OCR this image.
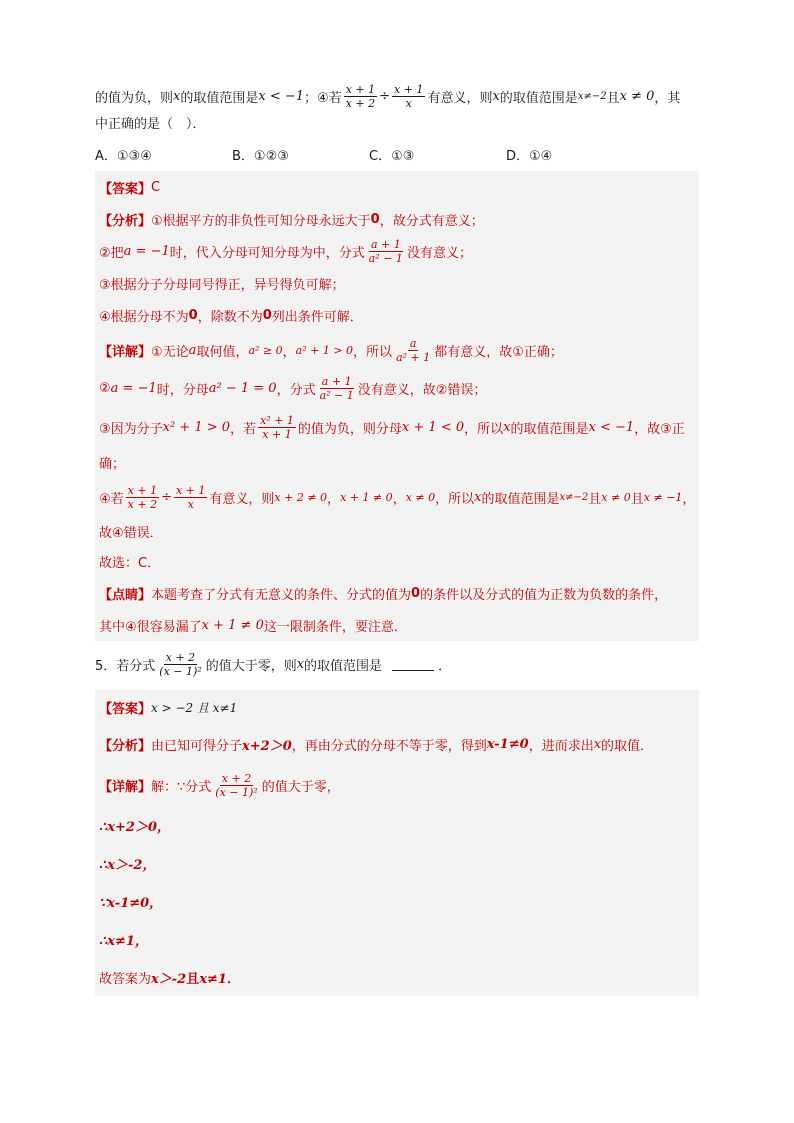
的值为负，则 x 的取值范围是 x < −1 ；④若 $\frac{x + 1}{x + 2} \div \frac{x + 1}{x}$ 有意义，则 x 的取值范围是 x≠−2 且 x ≠ 0 ，其
中正确的是（　）．
A．①③④	B．①②③	C．①③	D．①④
【答案】 C
【分析】 ①根据平方的非负性可知分母永远大于 0 ，故分式有意义；
②把 a = −1 时，代入分母可知分母为中，分式 $\frac{a + 1}{\text{a² − 1}}$ 没有意义；
③根据分子分母同号得正，异号得负可解；
④根据分母不为 0 ，除数不为 0 列出条件可解．
【详解】 ①无论 a 取何值， a² ≥ 0 ， a² + 1 > 0 ，所以 $\frac{a}{\text{a² + 1}}$ 都有意义，故①正确；
② a = −1 时，分母 a² − 1 = 0 ，分式 $\frac{a + 1}{\text{a² − 1}}$ 没有意义，故②错误；
③因为分子 x² + 1 > 0 ，若 $\frac{\text{x² + 1}}{x + 1}$ 的值为负，则分母 x + 1 < 0 ，所以 x 的取值范围是 x < −1 ，故③正
确；
④若 $\frac{x + 1}{x + 2} \div \frac{x + 1}{x}$ 有意义，则 x + 2 ≠ 0 ， x + 1 ≠ 0 ， x ≠ 0 ，所以 x 的取值范围是 x≠−2 且 x ≠ 0 且 x ≠ −1 ，
故④错误．
故选：C．
【点睛】 本题考查了分式有无意义的条件、分式的值为 0 的条件以及分式的值为正数为负数的条件，
其中④很容易漏了 x + 1 ≠ 0 这一限制条件，要注意．
5．若分式 $\frac{x + 2}{\text{(x − 1)²}}$ 的值大于零，则 x 的取值范围是	．
【答案】 x > −2 且 x≠1
【分析】 由已知可得分子 x+2＞0 ，再由分式的分母不等于零，得到 x-1≠0 ，进而求出 x 的取值．
【详解】 解：∵分式 $\frac{x + 2}{\text{(x − 1)²}}$ 的值大于零，
∴x+2＞0，
∴x＞-2，
∵x-1≠0，
∴x≠1，
故答案为 x＞-2 且 x≠1．
